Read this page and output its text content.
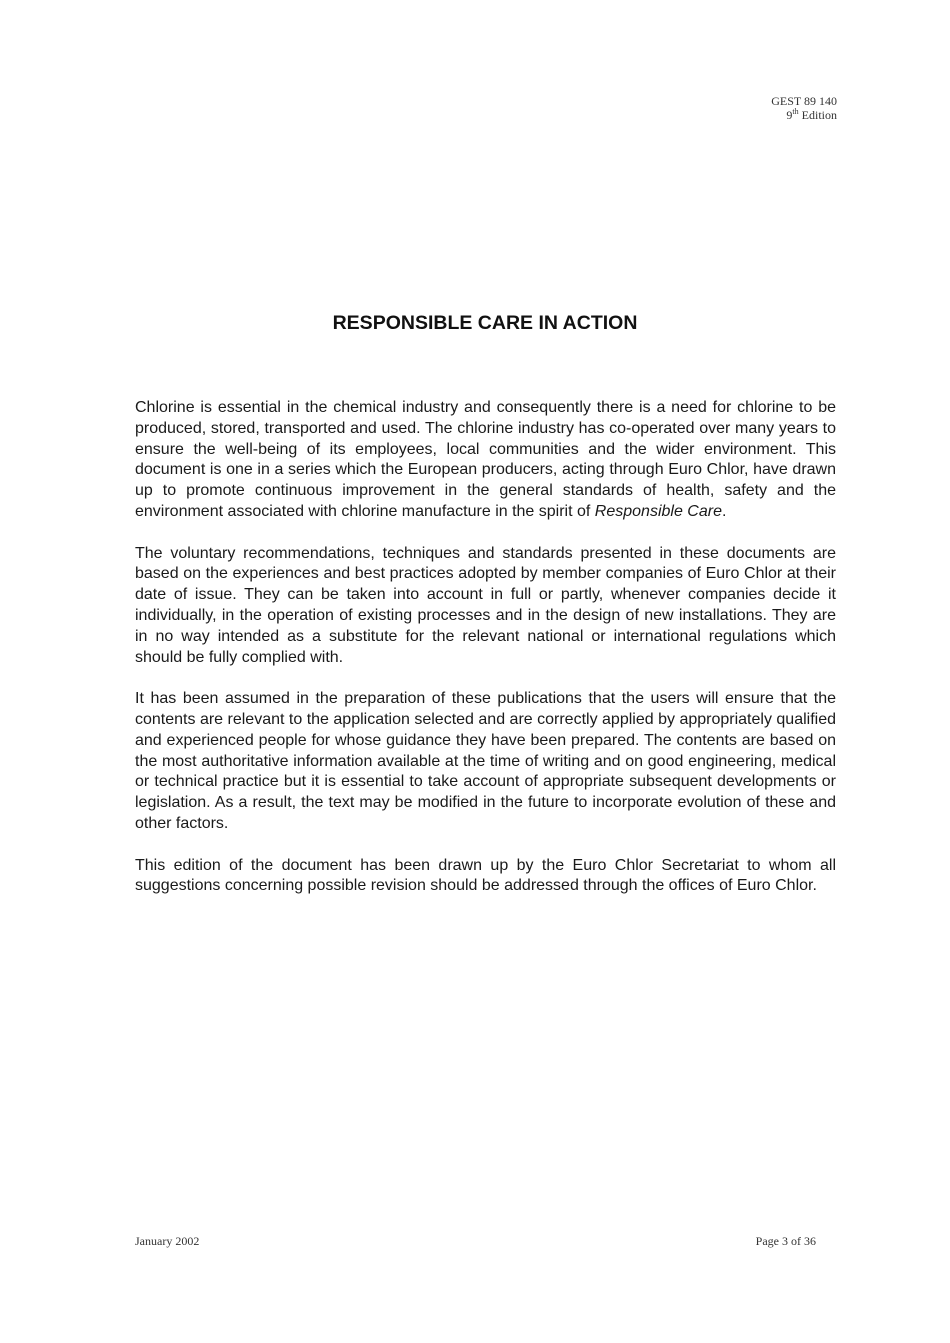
GEST 89 140
9th Edition
RESPONSIBLE CARE IN ACTION

Chlorine is essential in the chemical industry and consequently there is a need for chlorine to be produced, stored, transported and used. The chlorine industry has co-operated over many years to ensure the well-being of its employees, local communities and the wider environment. This document is one in a series which the European producers, acting through Euro Chlor, have drawn up to promote continuous improvement in the general standards of health, safety and the environment associated with chlorine manufacture in the spirit of Responsible Care.

The voluntary recommendations, techniques and standards presented in these documents are based on the experiences and best practices adopted by member companies of Euro Chlor at their date of issue. They can be taken into account in full or partly, whenever companies decide it individually, in the operation of existing processes and in the design of new installations. They are in no way intended as a substitute for the relevant national or international regulations which should be fully complied with.

It has been assumed in the preparation of these publications that the users will ensure that the contents are relevant to the application selected and are correctly applied by appropriately qualified and experienced people for whose guidance they have been prepared. The contents are based on the most authoritative information available at the time of writing and on good engineering, medical or technical practice but it is essential to take account of appropriate subsequent developments or legislation. As a result, the text may be modified in the future to incorporate evolution of these and other factors.

This edition of the document has been drawn up by the Euro Chlor Secretariat to whom all suggestions concerning possible revision should be addressed through the offices of Euro Chlor.

January 2002	Page 3 of 36
